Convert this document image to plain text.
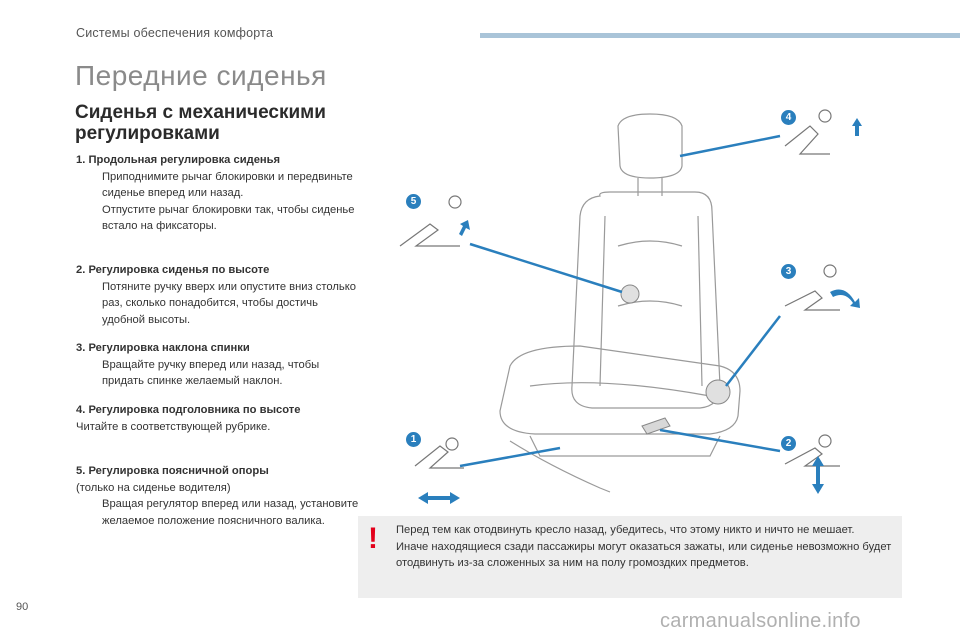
Системы обеспечения комфорта
Передние сиденья
Сиденья с механическими регулировками
1. Продольная регулировка сиденья
Приподнимите рычаг блокировки и передвиньте сиденье вперед или назад.
Отпустите рычаг блокировки так, чтобы сиденье встало на фиксаторы.
2. Регулировка сиденья по высоте
Потяните ручку вверх или опустите вниз столько раз, сколько понадобится, чтобы достичь удобной высоты.
3. Регулировка наклона спинки
Вращайте ручку вперед или назад, чтобы придать спинке желаемый наклон.
4. Регулировка подголовника по высоте
Читайте в соответствующей рубрике.
5. Регулировка поясничной опоры
(только на сиденье водителя)
Вращая регулятор вперед или назад, установите желаемое положение поясничного валика.
4
5
3
1	2
! Перед тем как отодвинуть кресло назад, убедитесь, что этому никто и ничто не мешает.
Иначе находящиеся сзади пассажиры могут оказаться зажаты, или сиденье невозможно будет отодвинуть из-за сложенных за ним на полу громоздких предметов.
90
carmanualsonline.info
